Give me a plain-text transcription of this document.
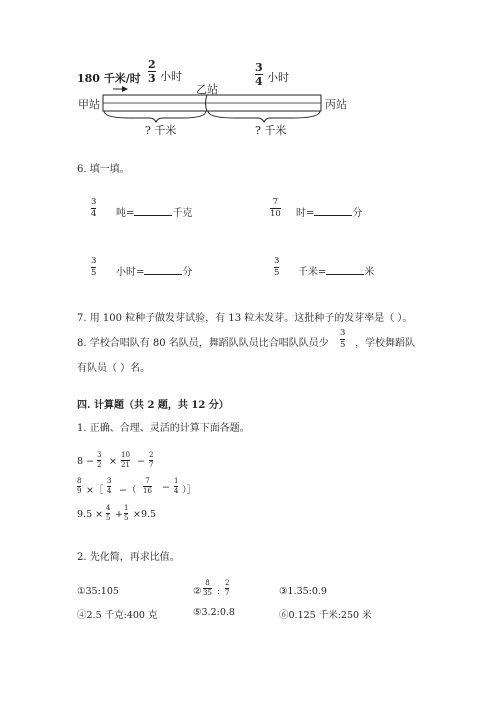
180 千米/时
2
3 小时
3
4 小时
乙站
甲站	丙站
? 千米	? 千米
6. 填一填。
3
4 吨=	千克
7
10 时=	分
3
5 小时=	分
3
5 千米=	米
7. 用 100 粒种子做发芽试验，有 13 粒未发芽。这批种子的发芽率是（ ）。
8. 学校合唱队有 80 名队员，舞蹈队队员比合唱队队员少
3
5 ，学校舞蹈队
有队员（ ）名。
四. 计算题（共 2 题，共 12 分）
1. 正确、合理、灵活的计算下面各题。
8 −
3
2 ×
10
21 −
2
7
8
9 ×［
3
4 −（
7
16 −
1
4 ）］
9.5 ×
4
5 +
1
5 ×9.5
2. 先化简，再求比值。
①35:105	②
8
35 :
2
7	③1.35:0.9
④2.5 千克:400 克	⑤3.2:0.8	⑥0.125 千米:250 米
